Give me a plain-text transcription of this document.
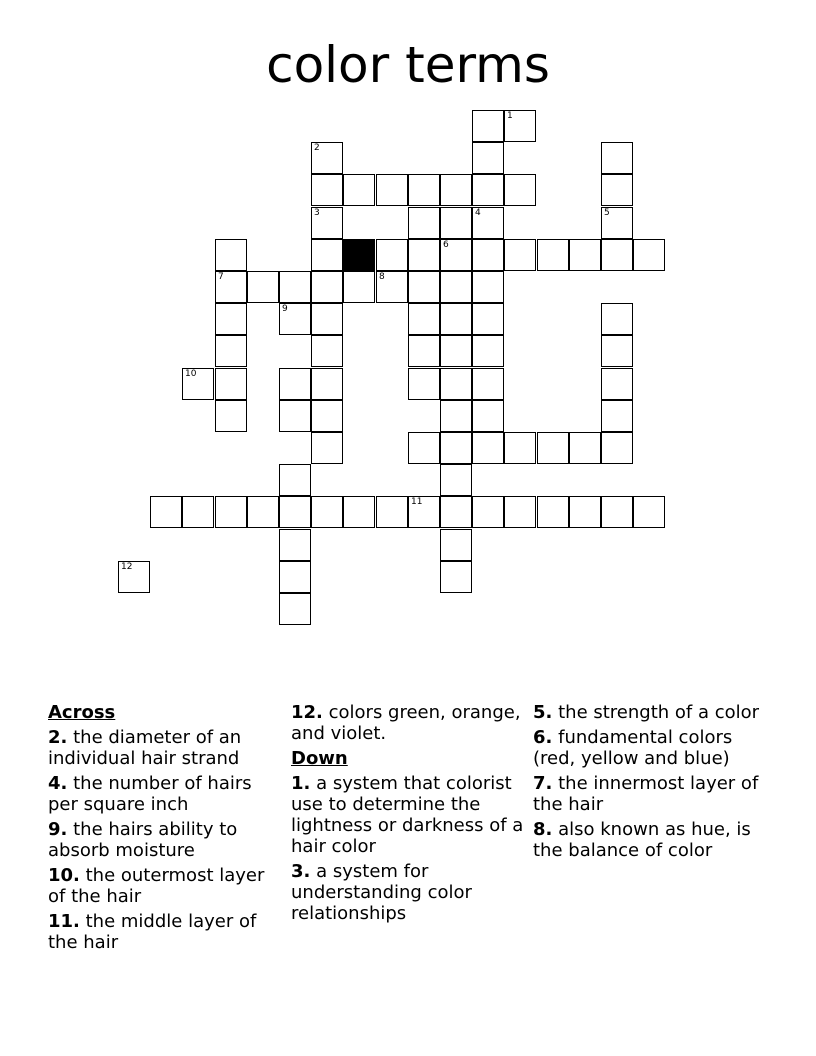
color terms
11
8
6
4
3	5
7
1
2
9
10
12
Across

2. the diameter of an individual hair strand

4. the number of hairs per square inch

9. the hairs ability to absorb moisture

10. the outermost layer of the hair

11. the middle layer of the hair

12. colors green, orange, and violet.

Down

1. a system that colorist use to determine the lightness or darkness of a hair color

3. a system for understanding color relationships

5. the strength of a color

6. fundamental colors (red, yellow and blue)

7. the innermost layer of the hair

8. also known as hue, is the balance of color
